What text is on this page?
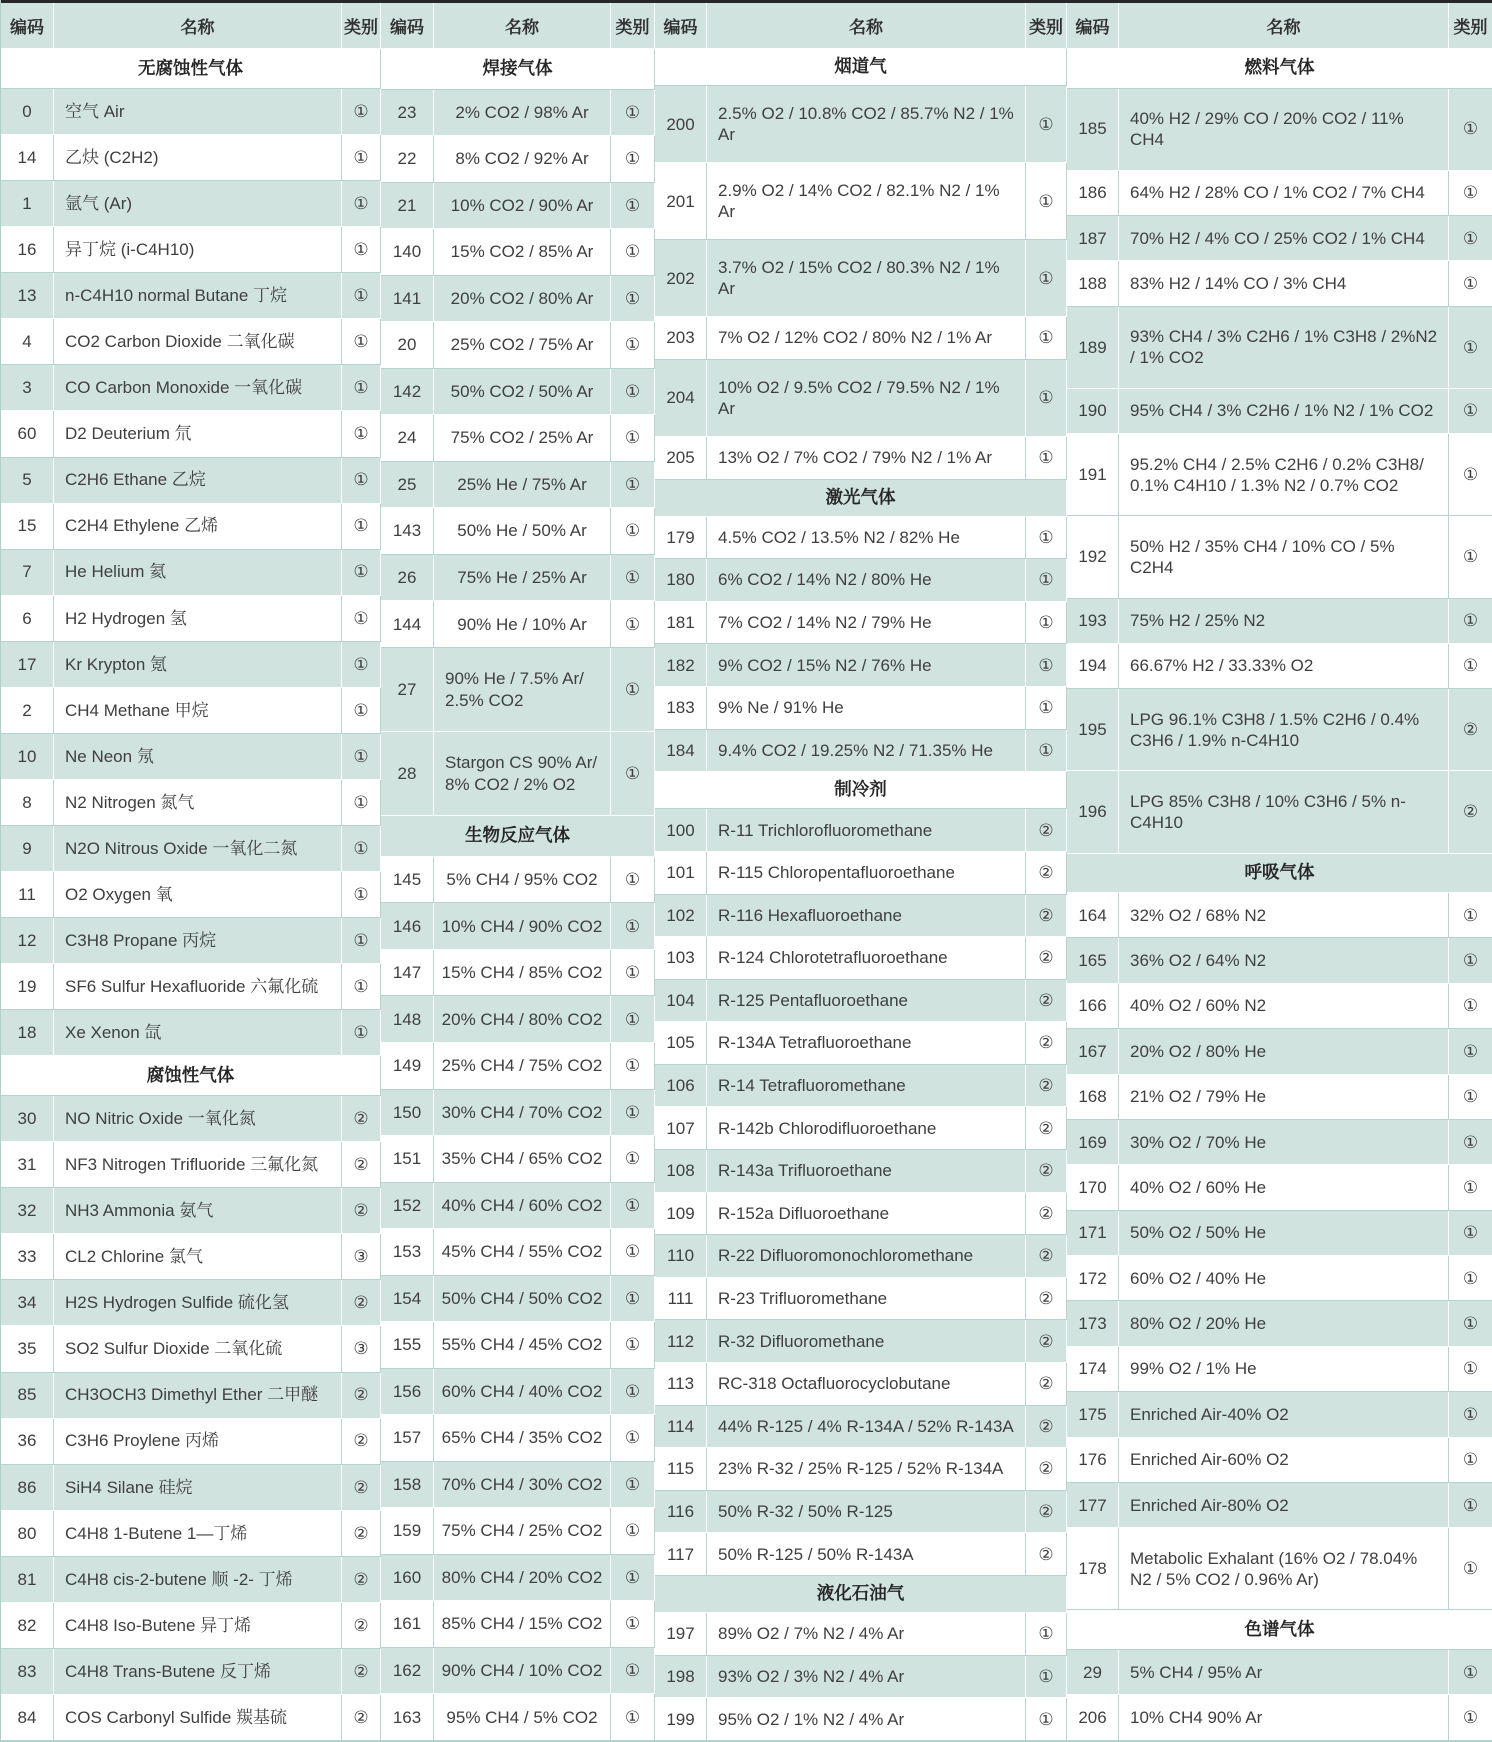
编码	名称	类别
无腐蚀性气体		
0	空气 Air	①
14	乙炔 (C2H2)	①
1	氩气 (Ar)	①
16	异丁烷 (i-C4H10)	①
13	n-C4H10 normal Butane 丁烷	①
4	CO2 Carbon Dioxide 二氧化碳	①
3	CO Carbon Monoxide 一氧化碳	①
60	D2 Deuterium 氘	①
5	C2H6 Ethane 乙烷	①
15	C2H4 Ethylene 乙烯	①
7	He Helium 氦	①
6	H2 Hydrogen 氢	①
17	Kr Krypton 氪	①
2	CH4 Methane 甲烷	①
10	Ne Neon 氖	①
8	N2 Nitrogen 氮气	①
9	N2O Nitrous Oxide 一氧化二氮	①
11	O2 Oxygen 氧	①
12	C3H8 Propane 丙烷	①
19	SF6 Sulfur Hexafluoride 六氟化硫	①
18	Xe Xenon 氙	①
腐蚀性气体		
30	NO Nitric Oxide 一氧化氮	②
31	NF3 Nitrogen Trifluoride 三氟化氮	②
32	NH3 Ammonia 氨气	②
33	CL2 Chlorine 氯气	③
34	H2S Hydrogen Sulfide 硫化氢	②
35	SO2 Sulfur Dioxide 二氧化硫	③
85	CH3OCH3 Dimethyl Ether 二甲醚	②
36	C3H6 Proylene 丙烯	②
86	SiH4 Silane 硅烷	②
80	C4H8 1-Butene 1—丁烯	②
81	C4H8 cis-2-butene 顺 -2- 丁烯	②
82	C4H8 Iso-Butene 异丁烯	②
83	C4H8 Trans-Butene 反丁烯	②
84	COS Carbonyl Sulfide 羰基硫	②
编码	名称	类别
焊接气体		
23	2% CO2 / 98% Ar	①
22	8% CO2 / 92% Ar	①
21	10% CO2 / 90% Ar	①
140	15% CO2 / 85% Ar	①
141	20% CO2 / 80% Ar	①
20	25% CO2 / 75% Ar	①
142	50% CO2 / 50% Ar	①
24	75% CO2 / 25% Ar	①
25	25% He / 75% Ar	①
143	50% He / 50% Ar	①
26	75% He / 25% Ar	①
144	90% He / 10% Ar	①
27	90% He / 7.5% Ar/ 2.5% CO2	①

28	Stargon CS 90% Ar/ 8% CO2 / 2% O2	①

生物反应气体		
145	5% CH4 / 95% CO2	①
146	10% CH4 / 90% CO2	①
147	15% CH4 / 85% CO2	①
148	20% CH4 / 80% CO2	①
149	25% CH4 / 75% CO2	①
150	30% CH4 / 70% CO2	①
151	35% CH4 / 65% CO2	①
152	40% CH4 / 60% CO2	①
153	45% CH4 / 55% CO2	①
154	50% CH4 / 50% CO2	①
155	55% CH4 / 45% CO2	①
156	60% CH4 / 40% CO2	①
157	65% CH4 / 35% CO2	①
158	70% CH4 / 30% CO2	①
159	75% CH4 / 25% CO2	①
160	80% CH4 / 20% CO2	①
161	85% CH4 / 15% CO2	①
162	90% CH4 / 10% CO2	①
163	95% CH4 / 5% CO2	①
编码	名称	类别
烟道气		
200	2.5% O2 / 10.8% CO2 / 85.7% N2 / 1% Ar	①
201	2.9% O2 / 14% CO2 / 82.1% N2 / 1% Ar	①
202	3.7% O2 / 15% CO2 / 80.3% N2 / 1% Ar	①
203	7% O2 / 12% CO2 / 80% N2 / 1% Ar	①
204	10% O2 / 9.5% CO2 / 79.5% N2 / 1% Ar	①
205	13% O2 / 7% CO2 / 79% N2 / 1% Ar	①
激光气体		
179	4.5% CO2 / 13.5% N2 / 82% He	①
180	6% CO2 / 14% N2 / 80% He	①
181	7% CO2 / 14% N2 / 79% He	①
182	9% CO2 / 15% N2 / 76% He	①
183	9% Ne / 91% He	①
184	9.4% CO2 / 19.25% N2 / 71.35% He	①
制冷剂		
100	R-11 Trichlorofluoromethane	②
101	R-115 Chloropentafluoroethane	②
102	R-116 Hexafluoroethane	②
103	R-124 Chlorotetrafluoroethane	②
104	R-125 Pentafluoroethane	②
105	R-134A Tetrafluoroethane	②
106	R-14 Tetrafluoromethane	②
107	R-142b Chlorodifluoroethane	②
108	R-143a Trifluoroethane	②
109	R-152a Difluoroethane	②
110	R-22 Difluoromonochloromethane	②
111	R-23 Trifluoromethane	②
112	R-32 Difluoromethane	②
113	RC-318 Octafluorocyclobutane	②
114	44% R-125 / 4% R-134A / 52% R-143A	②
115	23% R-32 / 25% R-125 / 52% R-134A	②
116	50% R-32 / 50% R-125	②
117	50% R-125 / 50% R-143A	②
液化石油气		
197	89% O2 / 7% N2 / 4% Ar	①
198	93% O2 / 3% N2 / 4% Ar	①
199	95% O2 / 1% N2 / 4% Ar	①
编码	名称	类别
燃料气体		
185	40% H2 / 29% CO / 20% CO2 / 11% CH4	①
186	64% H2 / 28% CO / 1% CO2 / 7% CH4	①
187	70% H2 / 4% CO / 25% CO2 / 1% CH4	①
188	83% H2 / 14% CO / 3% CH4	①
189	93% CH4 / 3% C2H6 / 1% C3H8 / 2%N2 / 1% CO2	①

190	95% CH4 / 3% C2H6 / 1% N2 / 1% CO2	①
191	95.2% CH4 / 2.5% C2H6 / 0.2% C3H8/ 0.1% C4H10 / 1.3% N2 / 0.7% CO2	①

192	50% H2 / 35% CH4 / 10% CO / 5% C2H4	①
193	75% H2 / 25% N2	①
194	66.67% H2 / 33.33% O2	①
195	LPG 96.1% C3H8 / 1.5% C2H6 / 0.4% C3H6 / 1.9% n-C4H10	②

196	LPG 85% C3H8 / 10% C3H6 / 5% n-C4H10	②

呼吸气体		
164	32% O2 / 68% N2	①
165	36% O2 / 64% N2	①
166	40% O2 / 60% N2	①
167	20% O2 / 80% He	①
168	21% O2 / 79% He	①
169	30% O2 / 70% He	①
170	40% O2 / 60% He	①
171	50% O2 / 50% He	①
172	60% O2 / 40% He	①
173	80% O2 / 20% He	①
174	99% O2 / 1% He	①
175	Enriched Air-40% O2	①
176	Enriched Air-60% O2	①
177	Enriched Air-80% O2	①
178	Metabolic Exhalant (16% O2 / 78.04% N2 / 5% CO2 / 0.96% Ar)	①

色谱气体		
29	5% CH4 / 95% Ar	①
206	10% CH4 90% Ar	①
